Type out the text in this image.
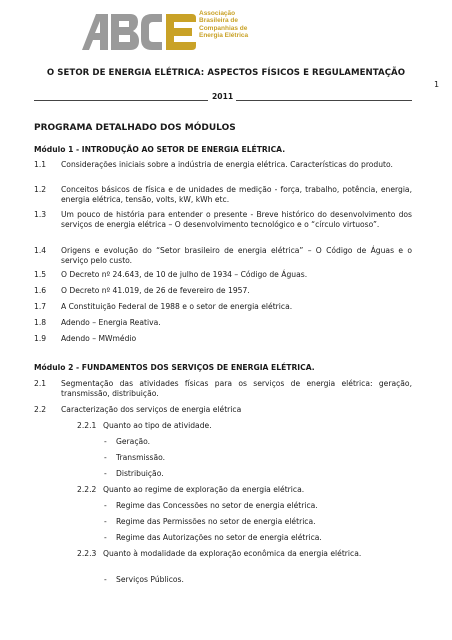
Associação
Brasileira de
Companhias de
Energia Elétrica
O SETOR DE ENERGIA ELÉTRICA: ASPECTOS FÍSICOS E REGULAMENTAÇÃO
1
2011
PROGRAMA DETALHADO DOS MÓDULOS
Módulo 1 - INTRODUÇÃO AO SETOR DE ENERGIA ELÉTRICA.
1.1 Considerações iniciais sobre a indústria de energia elétrica. Características do produto.
1.2 Conceitos básicos de física e de unidades de medição - força, trabalho, potência, energia, energia elétrica, tensão, volts, kW, kWh etc.
1.3 Um pouco de história para entender o presente - Breve histórico do desenvolvimento dos serviços de energia elétrica – O desenvolvimento tecnológico e o “círculo virtuoso”.
1.4 Origens e evolução do “Setor brasileiro de energia elétrica” – O Código de Águas e o serviço pelo custo.
1.5 O Decreto nº 24.643, de 10 de julho de 1934 – Código de Águas.
1.6 O Decreto nº 41.019, de 26 de fevereiro de 1957.
1.7 A Constituição Federal de 1988 e o setor de energia elétrica.
1.8 Adendo – Energia Reativa.
1.9 Adendo – MWmédio
Módulo 2 - FUNDAMENTOS DOS SERVIÇOS DE ENERGIA ELÉTRICA.
2.1 Segmentação das atividades físicas para os serviços de energia elétrica: geração, transmissão, distribuição.
2.2 Caracterização dos serviços de energia elétrica
2.2.1 Quanto ao tipo de atividade.
- Geração.
- Transmissão.
- Distribuição.
2.2.2 Quanto ao regime de exploração da energia elétrica.
- Regime das Concessões no setor de energia elétrica.
- Regime das Permissões no setor de energia elétrica.
- Regime das Autorizações no setor de energia elétrica.
2.2.3 Quanto à modalidade da exploração econômica da energia elétrica.
- Serviços Públicos.
